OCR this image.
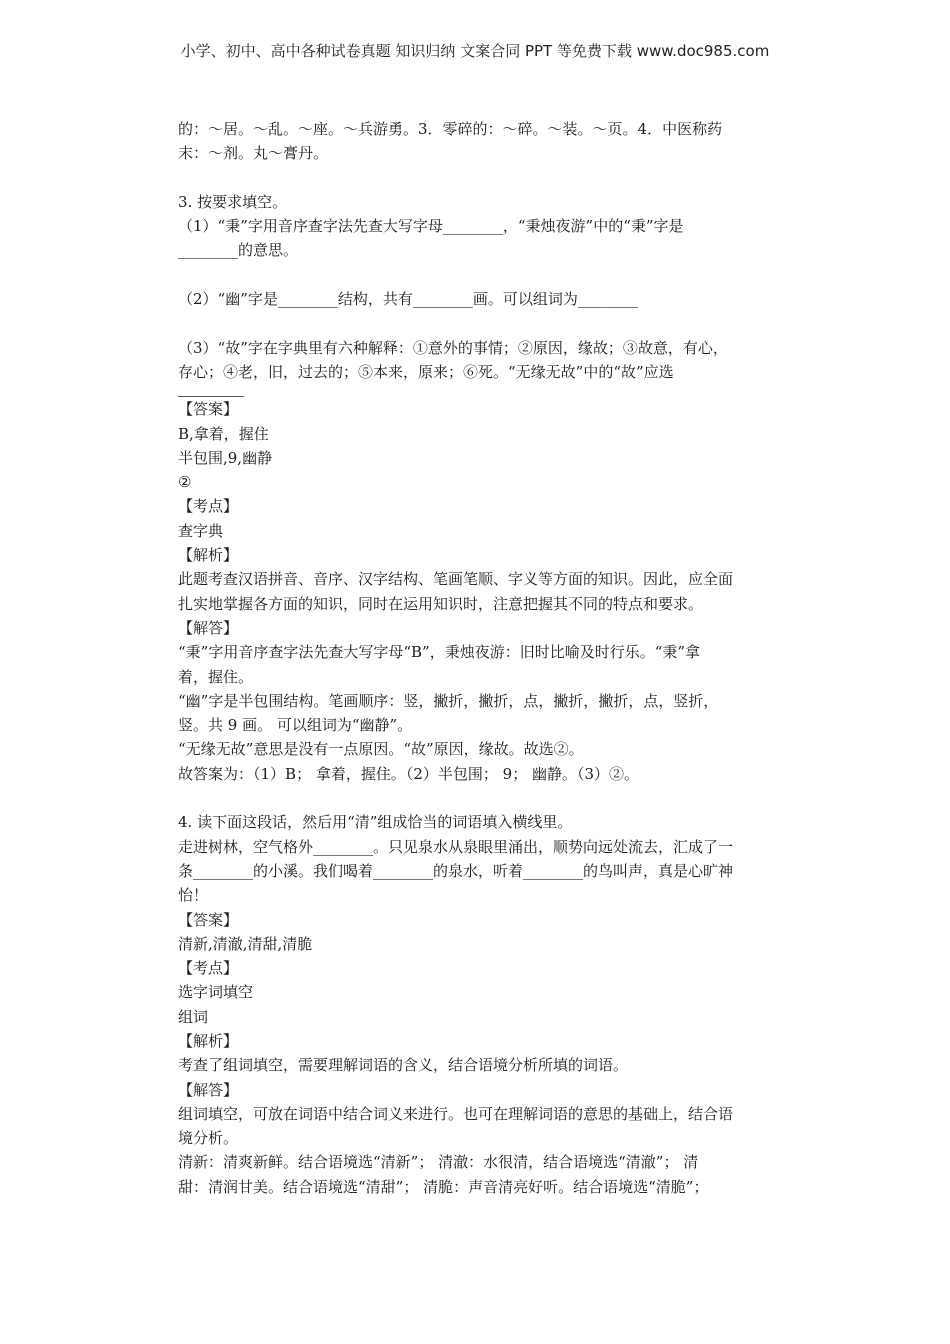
小学、初中、高中各种试卷真题 知识归纳 文案合同 PPT 等免费下载 www.doc985.com
的：～居。～乱。～座。～兵游勇。3．零碎的：～碎。～装。～页。4．中医称药
末：～剂。丸～膏丹。
3. 按要求填空。
（1）“秉”字用音序查字法先查大写字母________，“秉烛夜游”中的“秉”字是
________的意思。
（2）“幽”字是________结构，共有________画。可以组词为________
（3）“故”字在字典里有六种解释：①意外的事情；②原因，缘故；③故意，有心，
存心；④老，旧，过去的；⑤本来，原来；⑥死。“无缘无故”中的“故”应选
【答案】
B,拿着，握住
半包围,9,幽静
②
【考点】
查字典
【解析】
此题考查汉语拼音、音序、汉字结构、笔画笔顺、字义等方面的知识。因此，应全面
扎实地掌握各方面的知识，同时在运用知识时，注意把握其不同的特点和要求。
【解答】
“秉”字用音序查字法先查大写字母“B”，秉烛夜游：旧时比喻及时行乐。“秉”拿
着，握住。
“幽”字是半包围结构。笔画顺序：竖，撇折，撇折，点，撇折，撇折，点，竖折，
竖。共 9 画。 可以组词为“幽静”。
“无缘无故”意思是没有一点原因。“故”原因，缘故。故选②。
故答案为：（1）B； 拿着，握住。（2）半包围； 9； 幽静。（3）②。
4. 读下面这段话，然后用“清”组成恰当的词语填入横线里。
走进树林，空气格外________。只见泉水从泉眼里涌出，顺势向远处流去，汇成了一
条________的小溪。我们喝着________的泉水，听着________的鸟叫声，真是心旷神
怡！
【答案】
清新,清澈,清甜,清脆
【考点】
选字词填空
组词
【解析】
考查了组词填空，需要理解词语的含义，结合语境分析所填的词语。
【解答】
组词填空，可放在词语中结合词义来进行。也可在理解词语的意思的基础上，结合语
境分析。
清新：清爽新鲜。结合语境选“清新”； 清澈：水很清，结合语境选“清澈”； 清
甜：清润甘美。结合语境选“清甜”； 清脆：声音清亮好听。结合语境选“清脆”；
